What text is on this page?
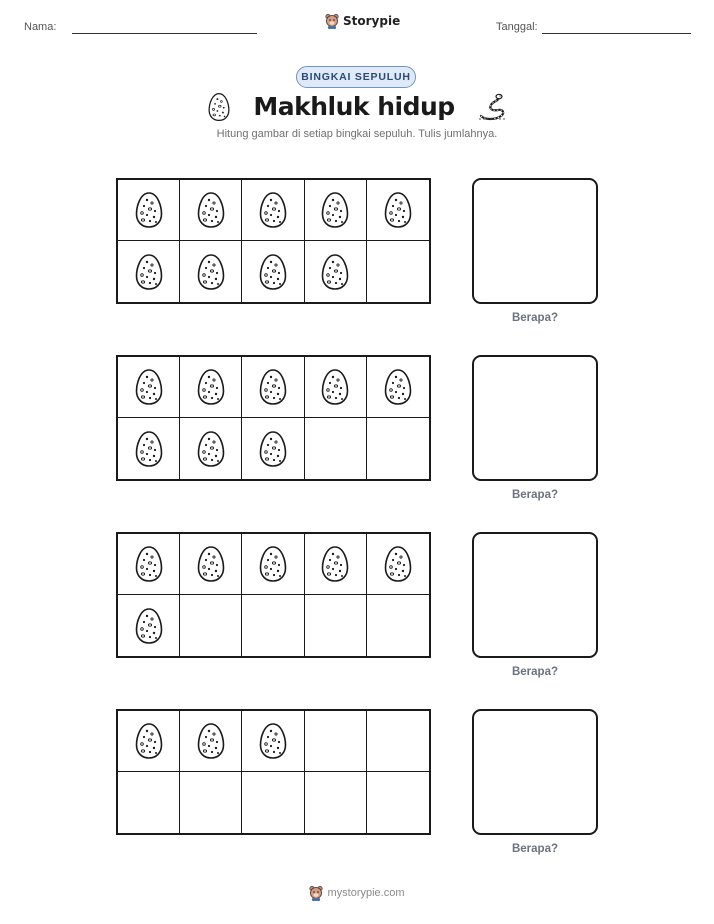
Nama:	Storypie	Tanggal:
BINGKAI SEPULUH
Makhluk hidup
Hitung gambar di setiap bingkai sepuluh. Tulis jumlahnya.
Berapa?
Berapa?
Berapa?
Berapa?
mystorypie.com
